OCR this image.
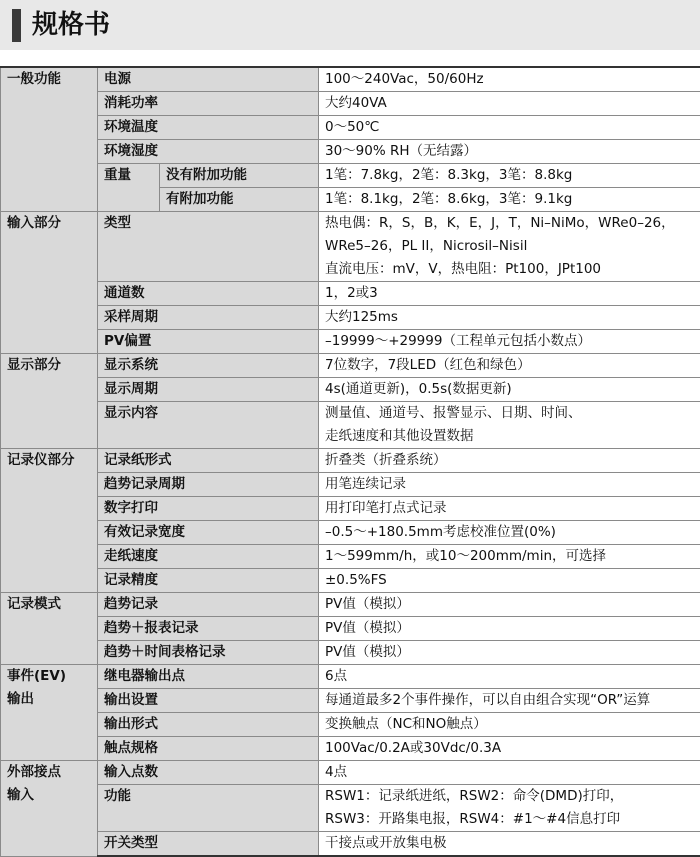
规格书
一般功能	电源		100～240Vac，50/60Hz
	消耗功率		大约40VA
	环境温度		0～50℃
	环境湿度		30～90% RH（无结露）
	重量	没有附加功能	1笔：7.8kg，2笔：8.3kg，3笔：8.8kg
		有附加功能	1笔：8.1kg，2笔：8.6kg，3笔：9.1kg
输入部分	类型		热电偶：R，S，B，K，E，J，T，Ni–NiMo，WRe0–26，
WRe5–26，PL II，Nicrosil–Nisil
直流电压：mV，V，热电阻：Pt100，JPt100

	通道数		1，2或3
	采样周期		大约125ms
	PV偏置		–19999～+29999（工程单元包括小数点）
显示部分	显示系统		7位数字，7段LED（红色和绿色）
	显示周期		4s(通道更新)，0.5s(数据更新)
	显示内容		测量值、通道号、报警显示、日期、时间、
走纸速度和其他设置数据

记录仪部分	记录纸形式		折叠类（折叠系统）
	趋势记录周期		用笔连续记录
	数字打印		用打印笔打点式记录
	有效记录宽度		–0.5～+180.5mm考虑校准位置(0%)
	走纸速度		1～599mm/h，或10～200mm/min，可选择
	记录精度		±0.5%FS
记录模式	趋势记录		PV值（模拟）
	趋势＋报表记录		PV值（模拟）
	趋势＋时间表格记录		PV值（模拟）

事件(EV)
输出	继电器输出点		6点
	输出设置		每通道最多2个事件操作，可以自由组合实现“OR”运算
	输出形式		变换触点（NC和NO触点）
	触点规格		100Vac/0.2A或30Vdc/0.3A

外部接点
输入	输入点数		4点
	功能		RSW1：记录纸进纸，RSW2：命令(DMD)打印，
RSW3：开路集电报，RSW4：#1～#4信息打印

	开关类型		干接点或开放集电极
